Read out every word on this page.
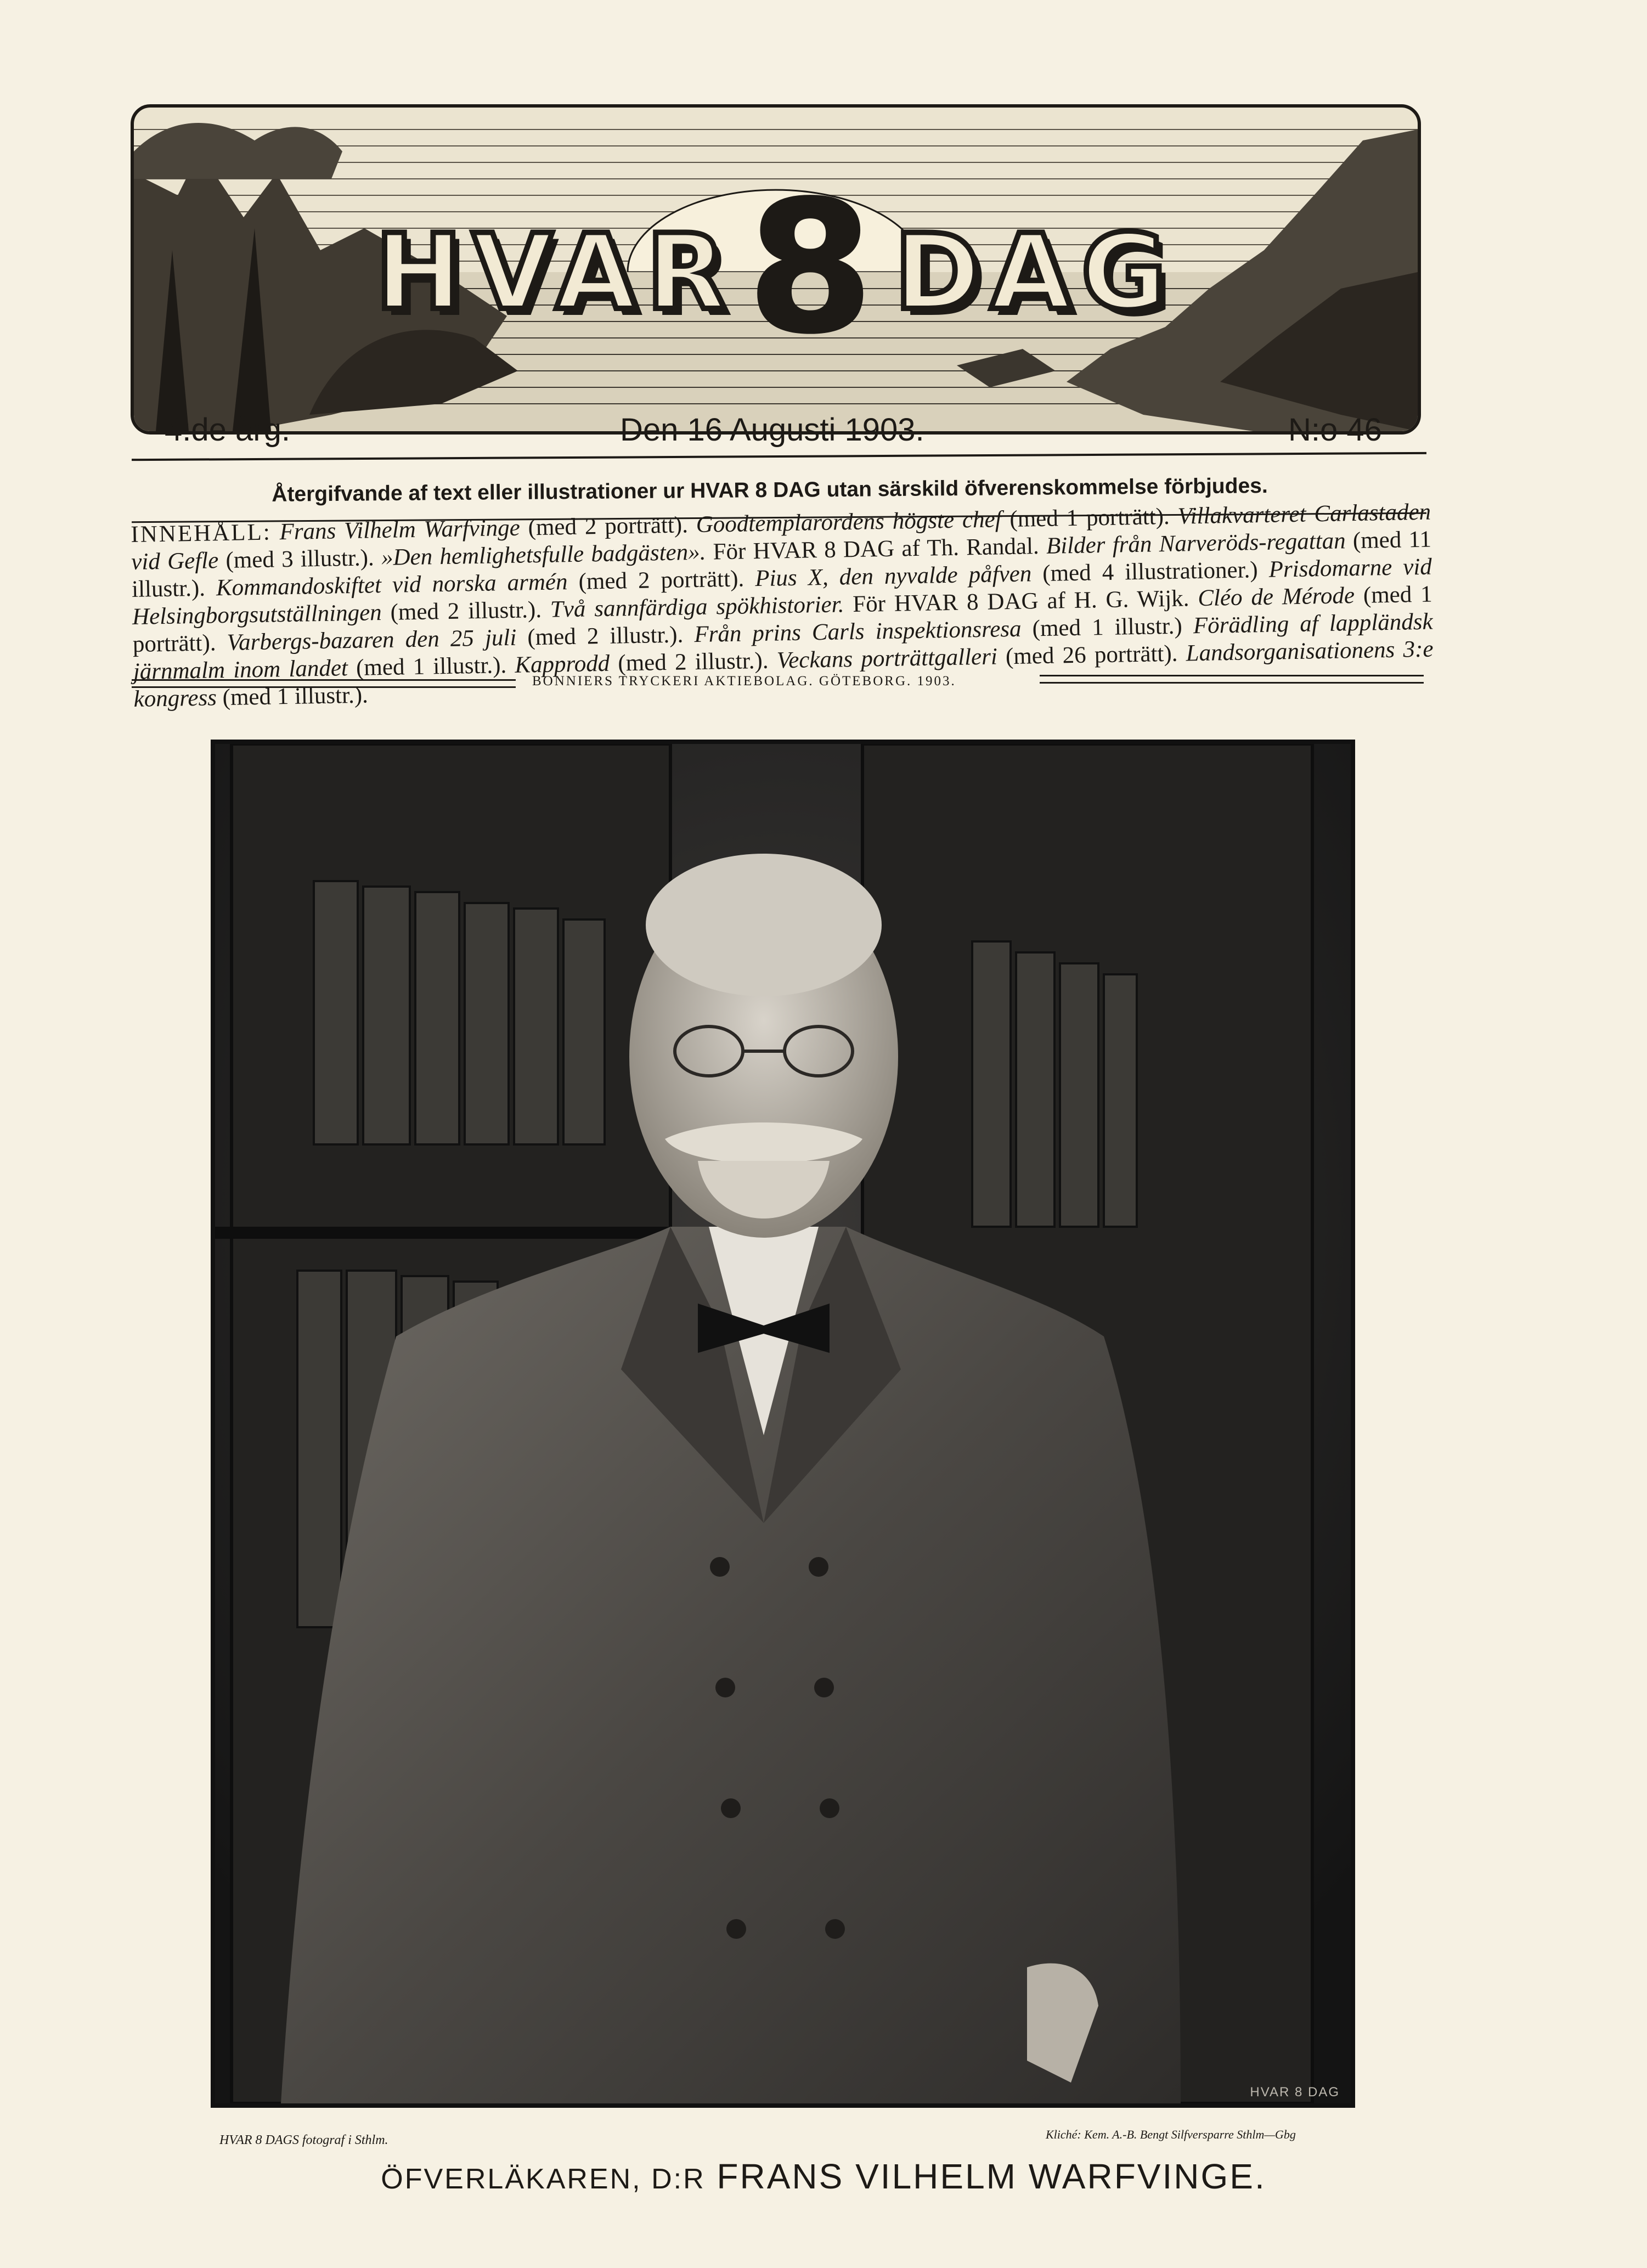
HVAR8 DAG
4:de årg.	Den 16 Augusti 1903.	N:o 46
Återgifvande af text eller illustrationer ur HVAR 8 DAG utan särskild öfverenskommelse förbjudes.
INNEHÅLL: Frans Vilhelm Warfvinge (med 2 porträtt). Goodtemplarordens högste chef (med 1 porträtt). Villakvarteret Carlastaden vid Gefle (med 3 illustr.). »Den hemlighetsfulle badgästen». För HVAR 8 DAG af Th. Randal. Bilder från Narveröds-regattan (med 11 illustr.). Kommandoskiftet vid norska armén (med 2 porträtt). Pius X, den nyvalde påfven (med 4 illustrationer.) Prisdomarne vid Helsingborgsutställningen (med 2 illustr.). Två sannfärdiga spökhistorier. För HVAR 8 DAG af H. G. Wijk. Cléo de Mérode (med 1 porträtt). Varbergs-bazaren den 25 juli (med 2 illustr.). Från prins Carls inspektionsresa (med 1 illustr.) Förädling af lappländsk järnmalm inom landet (med 1 illustr.). Kapprodd (med 2 illustr.). Veckans porträttgalleri (med 26 porträtt). Landsorganisationens 3:e kongress (med 1 illustr.).
BONNIERS TRYCKERI AKTIEBOLAG. GÖTEBORG. 1903.
HVAR 8 DAG
HVAR 8 DAGS fotograf i Sthlm.	Kliché: Kem. A.-B. Bengt Silfversparre Sthlm—Gbg
ÖFVERLÄKAREN, D:R FRANS VILHELM WARFVINGE.
